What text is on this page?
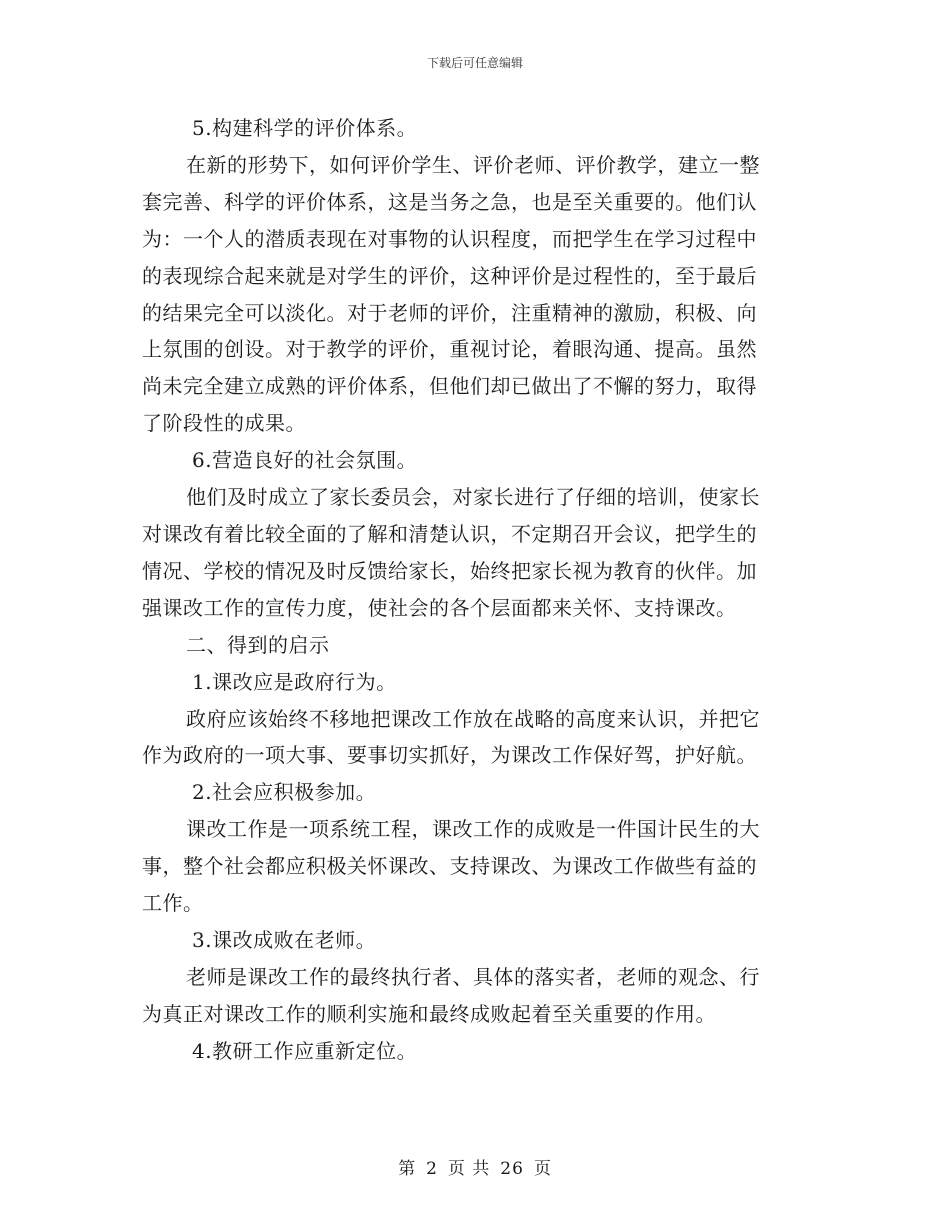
下载后可任意编辑
5.构建科学的评价体系。
在新的形势下，如何评价学生、评价老师、评价教学，建立一整
套完善、科学的评价体系，这是当务之急，也是至关重要的。他们认
为：一个人的潜质表现在对事物的认识程度，而把学生在学习过程中
的表现综合起来就是对学生的评价，这种评价是过程性的，至于最后
的结果完全可以淡化。对于老师的评价，注重精神的激励，积极、向
上氛围的创设。对于教学的评价，重视讨论，着眼沟通、提高。虽然
尚未完全建立成熟的评价体系，但他们却已做出了不懈的努力，取得
了阶段性的成果。
6.营造良好的社会氛围。
他们及时成立了家长委员会，对家长进行了仔细的培训，使家长
对课改有着比较全面的了解和清楚认识，不定期召开会议，把学生的
情况、学校的情况及时反馈给家长，始终把家长视为教育的伙伴。加
强课改工作的宣传力度，使社会的各个层面都来关怀、支持课改。
二、得到的启示
1.课改应是政府行为。
政府应该始终不移地把课改工作放在战略的高度来认识，并把它
作为政府的一项大事、要事切实抓好，为课改工作保好驾，护好航。
2.社会应积极参加。
课改工作是一项系统工程，课改工作的成败是一件国计民生的大
事，整个社会都应积极关怀课改、支持课改、为课改工作做些有益的
工作。
3.课改成败在老师。
老师是课改工作的最终执行者、具体的落实者，老师的观念、行
为真正对课改工作的顺利实施和最终成败起着至关重要的作用。
4.教研工作应重新定位。
第 2 页 共 26 页
